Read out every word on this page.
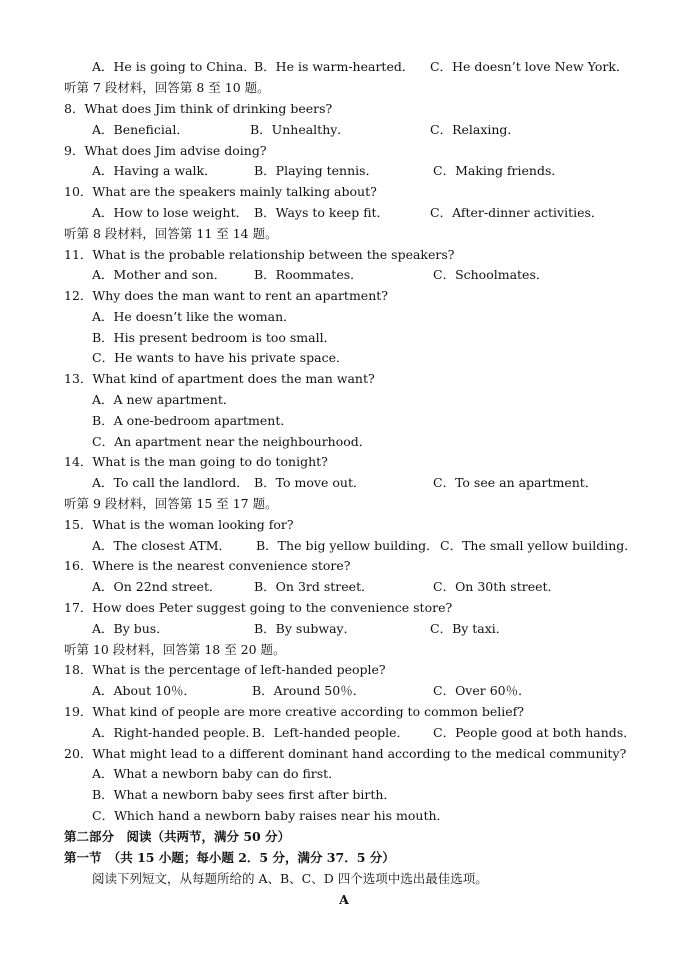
A．He is going to China．
B．He is warm-hearted． C．He doesn’t love New York．
听第 7 段材料，回答第 8 至 10 题。
8．What does Jim think of drinking beers?
A．Beneficial．	B．Unhealthy．	C．Relaxing．
9．What does Jim advise doing?
A．Having a walk．	B．Playing tennis．	C．Making friends．
10．What are the speakers mainly talking about?
A．How to lose weight． B．Ways to keep fit．	C．After-dinner activities．
听第 8 段材料，回答第 11 至 14 题。
11．What is the probable relationship between the speakers?
A．Mother and son． B．Roommates．	C．Schoolmates．
12．Why does the man want to rent an apartment?
A．He doesn’t like the woman．
B．His present bedroom is too small．
C．He wants to have his private space．
13．What kind of apartment does the man want?
A．A new apartment．
B．A one-bedroom apartment．
C．An apartment near the neighbourhood．
14．What is the man going to do tonight?
A．To call the landlord． B．To move out．	C．To see an apartment．
听第 9 段材料，回答第 15 至 17 题。
15．What is the woman looking for?
A．The closest ATM． B．The big yellow building． C．The small yellow building．
16．Where is the nearest convenience store?
A．On 22nd street．	B．On 3rd street．	C．On 30th street．
17．How does Peter suggest going to the convenience store?
A．By bus．	B．By subway．	C．By taxi．
听第 10 段材料，回答第 18 至 20 题。
18．What is the percentage of left-handed people?
A．About 10％．	B．Around 50％．	C．Over 60％．
19．What kind of people are more creative according to common belief?
A．Right-handed people．
B．Left-handed people． C．People good at both hands．
20．What might lead to a different dominant hand according to the medical community?
A．What a newborn baby can do first．
B．What a newborn baby sees first after birth．
C．Which hand a newborn baby raises near his mouth．
第二部分　阅读（共两节，满分 50 分）
第一节　（共 15 小题；每小题 2．5 分，满分 37．5 分）
阅读下列短文，从每题所给的 A、B、C、D 四个选项中选出最佳选项。
A
